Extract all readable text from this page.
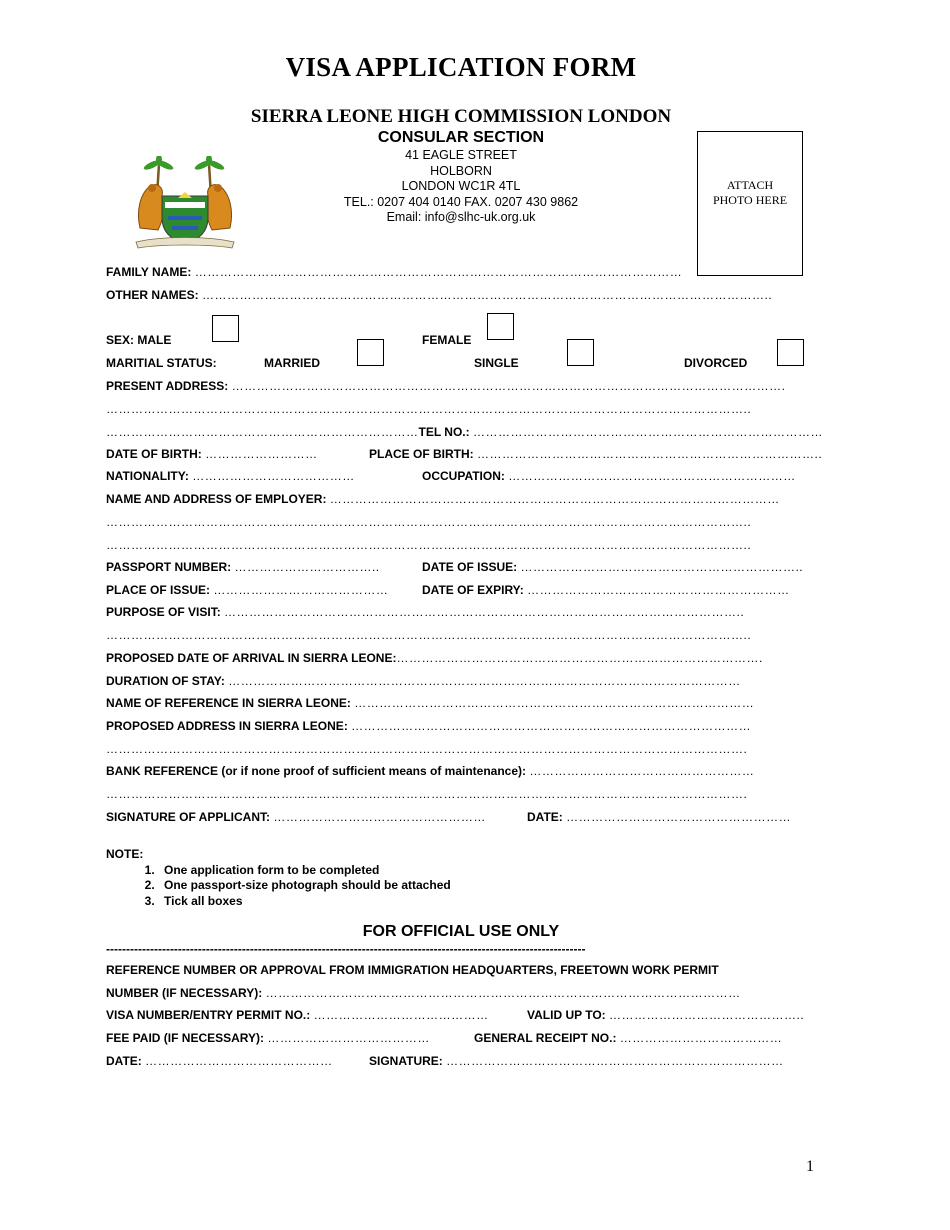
VISA APPLICATION FORM
SIERRA LEONE HIGH COMMISSION LONDON
CONSULAR SECTION
41 EAGLE STREET
HOLBORN
LONDON WC1R 4TL
TEL.: 0207 404 0140 FAX. 0207 430 9862
Email: info@slhc-uk.org.uk
ATTACH
PHOTO HERE
FAMILY NAME: ………………………………………………………………………………………………………
OTHER NAMES: ………………………………………………………………………………………………………………………..
SEX: MALE	FEMALE
MARITIAL STATUS:	MARRIED	SINGLE	DIVORCED
PRESENT ADDRESS: …………………………………………………………………………………………………………………….
………………………………………………………………………………………………………………………………………..
…………………………………………………………………TEL NO.: …………………………………………………………………………
DATE OF BIRTH: ………………………	PLACE OF BIRTH: ………………………………………………………………………..
NATIONALITY: …………………………………	OCCUPATION: ……………………………………………………………
NAME AND ADDRESS OF EMPLOYER: ………………………………………………………………………………………………
………………………………………………………………………………………………………………………………………..
………………………………………………………………………………………………………………………………………..
PASSPORT NUMBER: ……………………………..	DATE OF ISSUE: …………………………………………………………..
PLACE OF ISSUE: ……………………………………	DATE OF EXPIRY: ………………………………………………………
PURPOSE OF VISIT: ……………………………………………………………………………………………………………..
………………………………………………………………………………………………………………………………………..
PROPOSED DATE OF ARRIVAL IN SIERRA LEONE:…………………………………………………………………………….
DURATION OF STAY: ……………………………………………………………………………………………………………
NAME OF REFERENCE IN SIERRA LEONE: ……………………………………………………………………………………
PROPOSED ADDRESS IN SIERRA LEONE: ……………………………………………………………………………………
……………………………………………………………………………………………………………………………………….
BANK REFERENCE (or if none proof of sufficient means of maintenance): ………………………………………………
……………………………………………………………………………………………………………………………………….
SIGNATURE OF APPLICANT: ……………………………………………	DATE: ………………………………………………
NOTE:
1. One application form to be completed
2. One passport-size photograph should be attached
3. Tick all boxes
FOR OFFICIAL USE ONLY
------------------------------------------------------------------------------------------------------------------------
REFERENCE NUMBER OR APPROVAL FROM IMMIGRATION HEADQUARTERS, FREETOWN WORK PERMIT
NUMBER (IF NECESSARY): ……………………………………………………………………………………………………
VISA NUMBER/ENTRY PERMIT NO.: ……………………………………	VALID UP TO: ………………………………………..
FEE PAID (IF NECESSARY): …………………………………	GENERAL RECEIPT NO.: …………………………………
DATE: ………………………………………	SIGNATURE: ………………………………………………………………………
1
